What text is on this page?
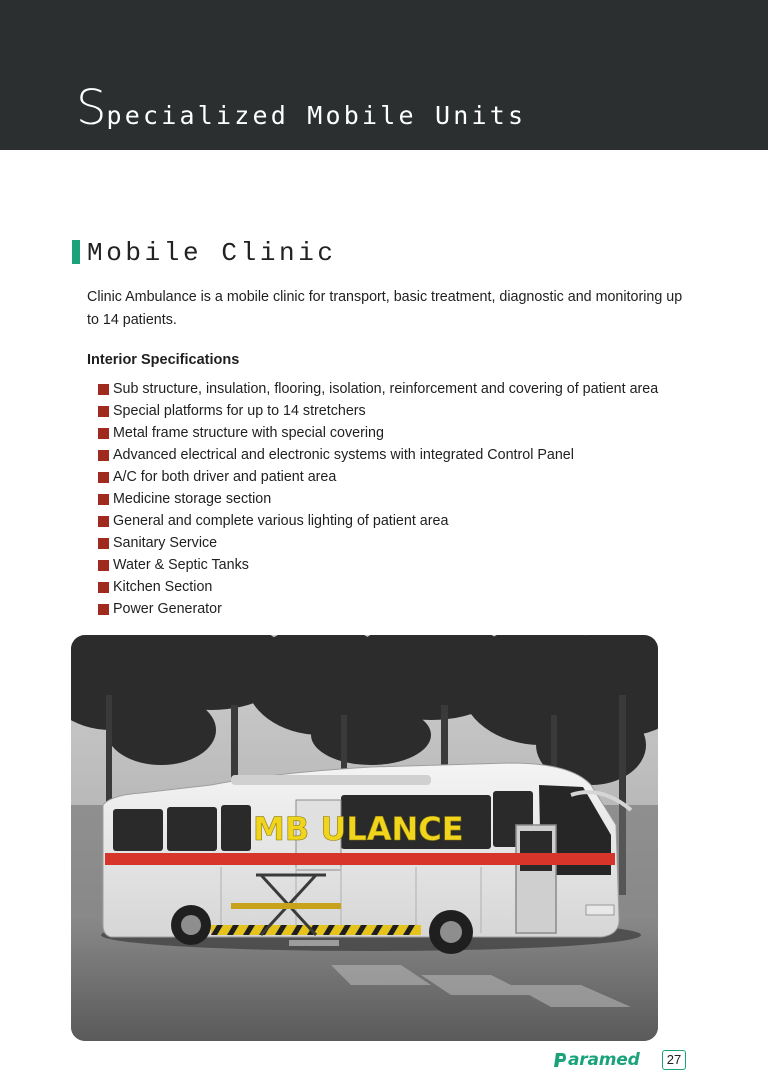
Specialized Mobile Units
Mobile Clinic

Clinic Ambulance is a mobile clinic for transport, basic treatment, diagnostic and monitoring up to 14 patients.

Interior Specifications
Sub structure, insulation, flooring, isolation, reinforcement and covering of patient area
Special platforms for up to 14 stretchers
Metal frame structure with special covering
Advanced electrical and electronic systems with integrated Control Panel
A/C for both driver and patient area
Medicine storage section
General and complete various lighting of patient area
Sanitary Service
Water & Septic Tanks
Kitchen Section
Power Generator
MB ULANCE
aramed	27
